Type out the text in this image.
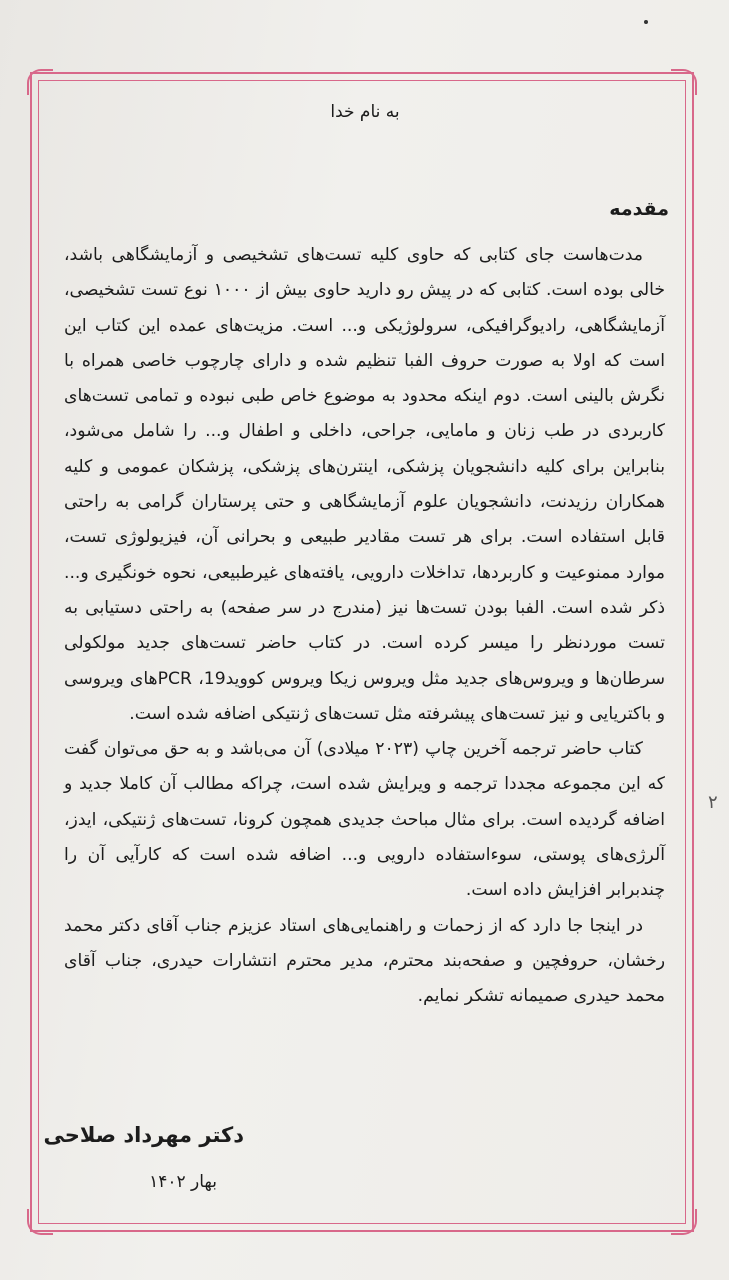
۲
به نام خدا
مقدمه

مدت‌هاست جای کتابی که حاوی کلیه تست‌های تشخیصی و آزمایشگاهی باشد، خالی بوده است. کتابی که در پیش رو دارید حاوی بیش از ۱۰۰۰ نوع تست تشخیصی، آزمایشگاهی، رادیوگرافیکی، سرولوژیکی و... است. مزیت‌های عمده این کتاب این است که اولا به صورت حروف الفبا تنظیم شده و دارای چارچوب خاصی همراه با نگرش بالینی است. دوم اینکه محدود به موضوع خاص طبی نبوده و تمامی تست‌های کاربردی در طب زنان و مامایی، جراحی، داخلی و اطفال و... را شامل می‌شود، بنابراین برای کلیه دانشجویان پزشکی، اینترن‌های پزشکی، پزشکان عمومی و کلیه همکاران رزیدنت، دانشجویان علوم آزمایشگاهی و حتی پرستاران گرامی به راحتی قابل استفاده است. برای هر تست مقادیر طبیعی و بحرانی آن، فیزیولوژی تست، موارد ممنوعیت و کاربردها، تداخلات دارویی، یافته‌های غیرطبیعی، نحوه خونگیری و... ذکر شده است. الفبا بودن تست‌ها نیز (مندرج در سر صفحه) به راحتی دستیابی به تست موردنظر را میسر کرده است. در کتاب حاضر تست‌های جدید مولکولی سرطان‌ها و ویروس‌های جدید مثل ویروس زیکا ویروس کووید19، PCRهای ویروسی و باکتریایی و نیز تست‌های پیشرفته مثل تست‌های ژنتیکی اضافه شده است.

کتاب حاضر ترجمه آخرین چاپ (۲۰۲۳ میلادی) آن می‌باشد و به حق می‌توان گفت که این مجموعه مجددا ترجمه و ویرایش شده است، چراکه مطالب آن کاملا جدید و اضافه گردیده است. برای مثال مباحث جدیدی همچون کرونا، تست‌های ژنتیکی، ایدز، آلرژی‌های پوستی، سوءاستفاده دارویی و... اضافه شده است که کارآیی آن را چندبرابر افزایش داده است.

در اینجا جا دارد که از زحمات و راهنمایی‌های استاد عزیزم جناب آقای دکتر محمد رخشان، حروفچین و صفحه‌بند محترم، مدیر محترم انتشارات حیدری، جناب آقای محمد حیدری صمیمانه تشکر نمایم.

دکتر مهرداد صلاحی
بهار ۱۴۰۲
